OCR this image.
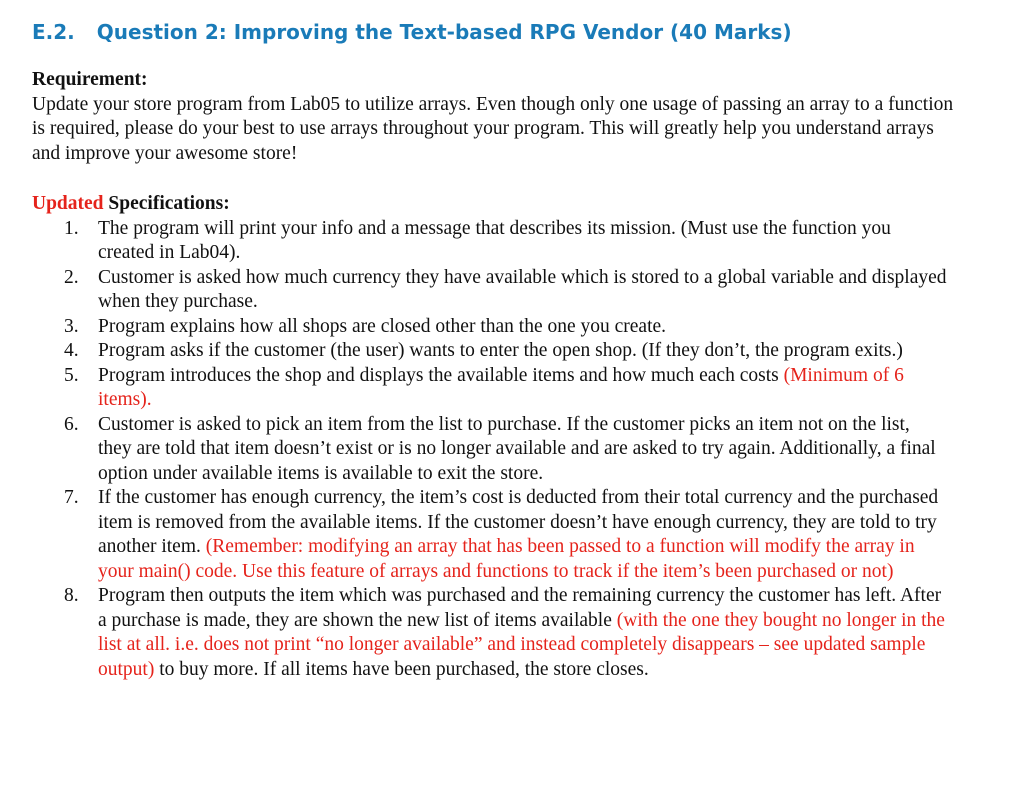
E.2. Question 2: Improving the Text-based RPG Vendor (40 Marks)

Requirement:

Update your store program from Lab05 to utilize arrays. Even though only one usage of passing an array to a function is required, please do your best to use arrays throughout your program. This will greatly help you understand arrays and improve your awesome store!

Updated Specifications:

1. The program will print your info and a message that describes its mission. (Must use the function you created in Lab04).
2. Customer is asked how much currency they have available which is stored to a global variable and displayed when they purchase.
3. Program explains how all shops are closed other than the one you create.
4. Program asks if the customer (the user) wants to enter the open shop. (If they don’t, the program exits.)
5. Program introduces the shop and displays the available items and how much each costs (Minimum of 6 items).
6. Customer is asked to pick an item from the list to purchase. If the customer picks an item not on the list, they are told that item doesn’t exist or is no longer available and are asked to try again. Additionally, a final option under available items is available to exit the store.
7. If the customer has enough currency, the item’s cost is deducted from their total currency and the purchased item is removed from the available items. If the customer doesn’t have enough currency, they are told to try another item. (Remember: modifying an array that has been passed to a function will modify the array in your main() code. Use this feature of arrays and functions to track if the item’s been purchased or not)
8. Program then outputs the item which was purchased and the remaining currency the customer has left. After a purchase is made, they are shown the new list of items available (with the one they bought no longer in the list at all. i.e. does not print “no longer available” and instead completely disappears – see updated sample output) to buy more. If all items have been purchased, the store closes.
